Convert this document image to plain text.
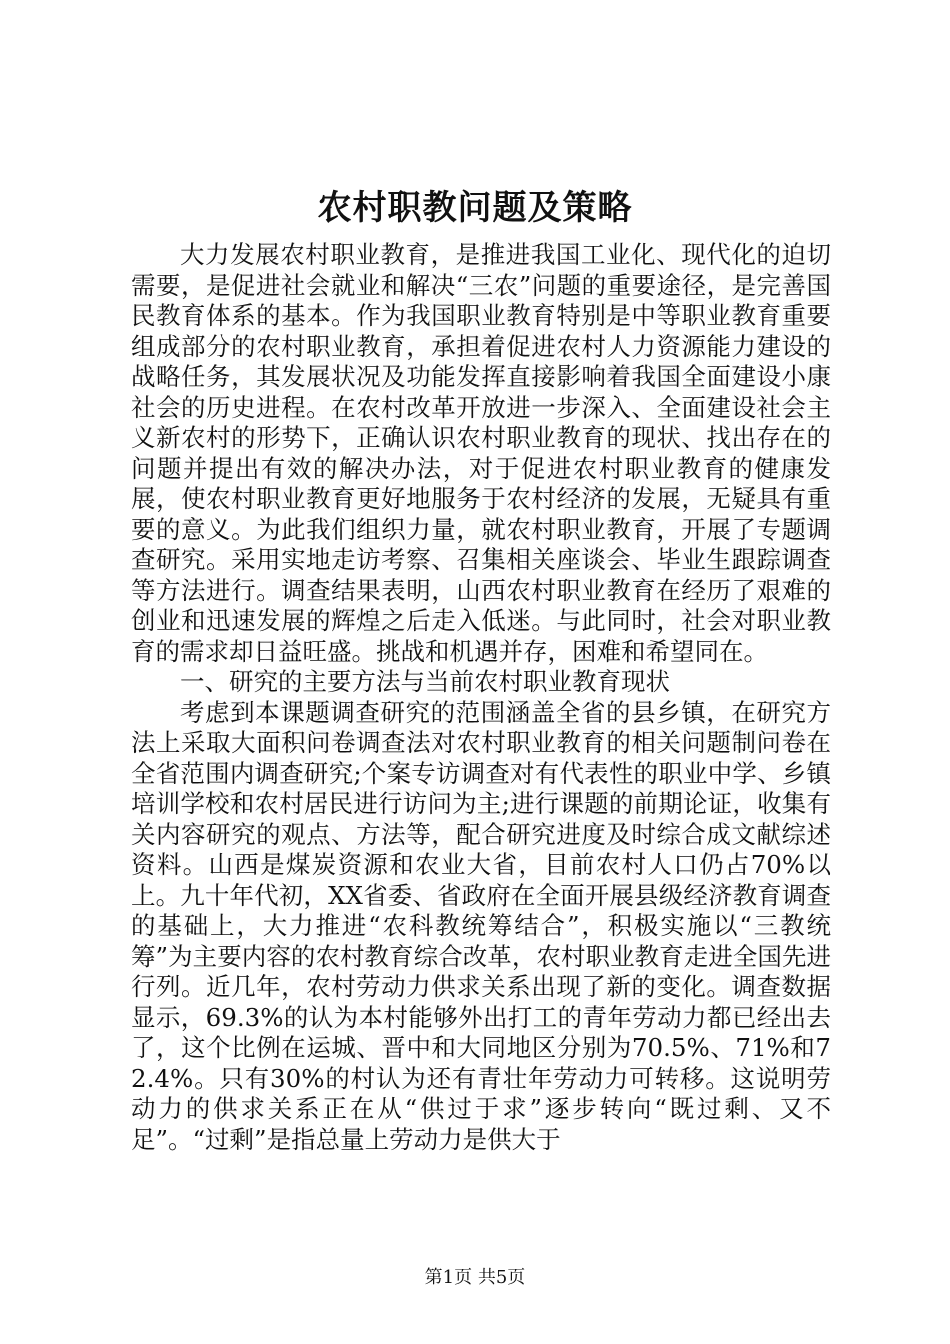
农村职教问题及策略

大力发展农村职业教育，是推进我国工业化、现代化的迫切需要，是促进社会就业和解决“三农”问题的重要途径，是完善国民教育体系的基本。作为我国职业教育特别是中等职业教育重要组成部分的农村职业教育，承担着促进农村人力资源能力建设的战略任务，其发展状况及功能发挥直接影响着我国全面建设小康社会的历史进程。在农村改革开放进一步深入、全面建设社会主义新农村的形势下，正确认识农村职业教育的现状、找出存在的问题并提出有效的解决办法，对于促进农村职业教育的健康发展，使农村职业教育更好地服务于农村经济的发展，无疑具有重要的意义。为此我们组织力量，就农村职业教育，开展了专题调查研究。采用实地走访考察、召集相关座谈会、毕业生跟踪调查等方法进行。调查结果表明，山西农村职业教育在经历了艰难的创业和迅速发展的辉煌之后走入低迷。与此同时，社会对职业教育的需求却日益旺盛。挑战和机遇并存，困难和希望同在。

一、研究的主要方法与当前农村职业教育现状

考虑到本课题调查研究的范围涵盖全省的县乡镇，在研究方法上采取大面积问卷调查法对农村职业教育的相关问题制问卷在全省范围内调查研究;个案专访调查对有代表性的职业中学、乡镇培训学校和农村居民进行访问为主;进行课题的前期论证，收集有关内容研究的观点、方法等，配合研究进度及时综合成文献综述资料。山西是煤炭资源和农业大省，目前农村人口仍占70%以上。九十年代初，XX省委、省政府在全面开展县级经济教育调查的基础上，大力推进“农科教统筹结合”，积极实施以“三教统筹”为主要内容的农村教育综合改革，农村职业教育走进全国先进行列。近几年，农村劳动力供求关系出现了新的变化。调查数据显示，69.3%的认为本村能够外出打工的青年劳动力都已经出去了，这个比例在运城、晋中和大同地区分别为70.5%、71%和72.4%。只有30%的村认为还有青壮年劳动力可转移。这说明劳动力的供求关系正在从“供过于求”逐步转向“既过剩、又不足”。“过剩”是指总量上劳动力是供大于

第1页 共5页
